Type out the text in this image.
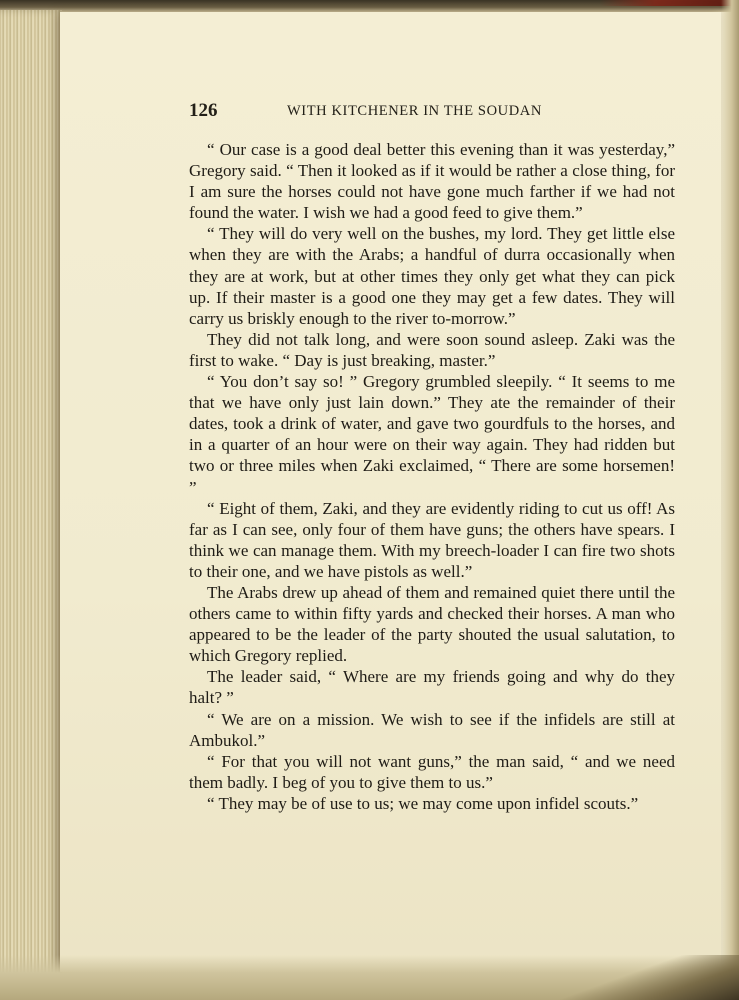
126	WITH KITCHENER IN THE SOUDAN

“ Our case is a good deal better this evening than it was yesterday,” Gregory said. “ Then it looked as if it would be rather a close thing, for I am sure the horses could not have gone much farther if we had not found the water. I wish we had a good feed to give them.”

“ They will do very well on the bushes, my lord. They get little else when they are with the Arabs; a handful of durra occasionally when they are at work, but at other times they only get what they can pick up. If their master is a good one they may get a few dates. They will carry us briskly enough to the river to-morrow.”

They did not talk long, and were soon sound asleep. Zaki was the first to wake. “ Day is just breaking, master.”

“ You don’t say so! ” Gregory grumbled sleepily. “ It seems to me that we have only just lain down.” They ate the remainder of their dates, took a drink of water, and gave two gourdfuls to the horses, and in a quarter of an hour were on their way again. They had ridden but two or three miles when Zaki exclaimed, “ There are some horsemen! ”

“ Eight of them, Zaki, and they are evidently riding to cut us off! As far as I can see, only four of them have guns; the others have spears. I think we can manage them. With my breech-loader I can fire two shots to their one, and we have pistols as well.”

The Arabs drew up ahead of them and remained quiet there until the others came to within fifty yards and checked their horses. A man who appeared to be the leader of the party shouted the usual salutation, to which Gregory replied.

The leader said, “ Where are my friends going and why do they halt? ”

“ We are on a mission. We wish to see if the infidels are still at Ambukol.”

“ For that you will not want guns,” the man said, “ and we need them badly. I beg of you to give them to us.”

“ They may be of use to us; we may come upon infidel scouts.”
